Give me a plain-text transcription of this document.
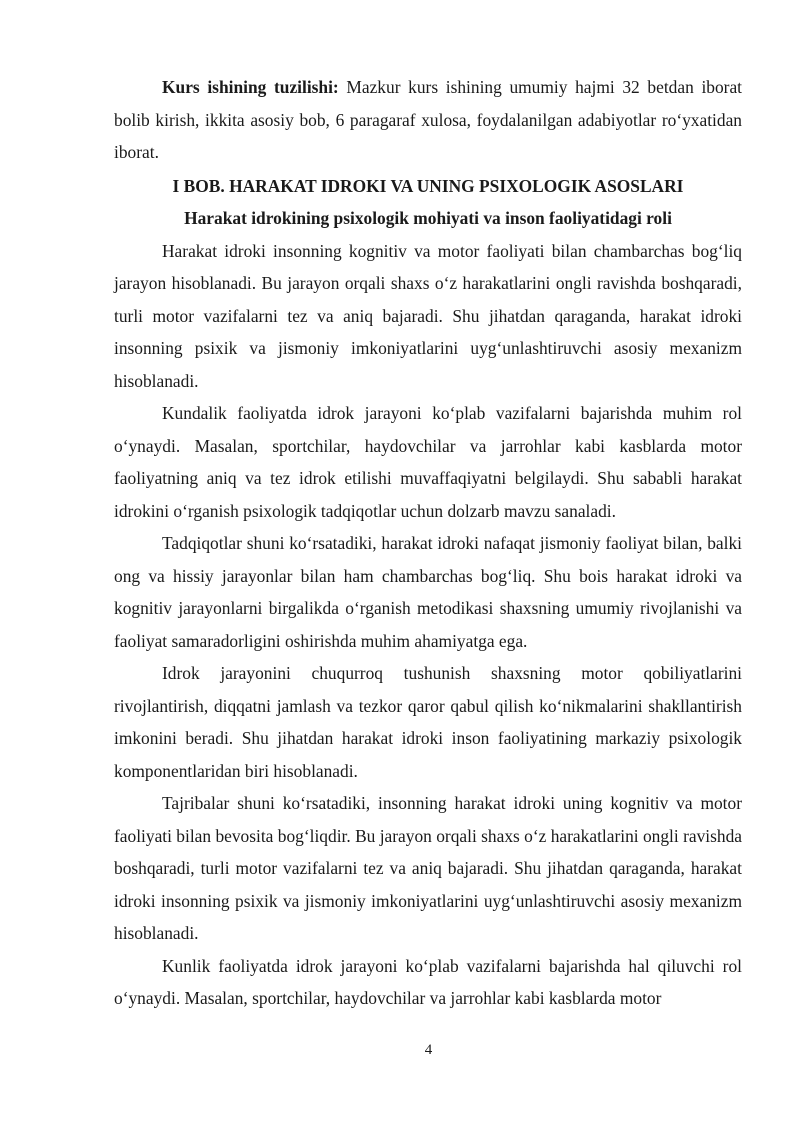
Kurs ishining tuzilishi: Mazkur kurs ishining umumiy hajmi 32 betdan iborat bolib kirish, ikkita asosiy bob, 6 paragaraf xulosa, foydalanilgan adabiyotlar ro‘yxatidan iborat.

I BOB. HARAKAT IDROKI VA UNING PSIXOLOGIK ASOSLARI
Harakat idrokining psixologik mohiyati va inson faoliyatidagi roli

Harakat idroki insonning kognitiv va motor faoliyati bilan chambarchas bog‘liq jarayon hisoblanadi. Bu jarayon orqali shaxs o‘z harakatlarini ongli ravishda boshqaradi, turli motor vazifalarni tez va aniq bajaradi. Shu jihatdan qaraganda, harakat idroki insonning psixik va jismoniy imkoniyatlarini uyg‘unlashtiruvchi asosiy mexanizm hisoblanadi.

Kundalik faoliyatda idrok jarayoni ko‘plab vazifalarni bajarishda muhim rol o‘ynaydi. Masalan, sportchilar, haydovchilar va jarrohlar kabi kasblarda motor faoliyatning aniq va tez idrok etilishi muvaffaqiyatni belgilaydi. Shu sababli harakat idrokini o‘rganish psixologik tadqiqotlar uchun dolzarb mavzu sanaladi.

Tadqiqotlar shuni ko‘rsatadiki, harakat idroki nafaqat jismoniy faoliyat bilan, balki ong va hissiy jarayonlar bilan ham chambarchas bog‘liq. Shu bois harakat idroki va kognitiv jarayonlarni birgalikda o‘rganish metodikasi shaxsning umumiy rivojlanishi va faoliyat samaradorligini oshirishda muhim ahamiyatga ega.

Idrok jarayonini chuqurroq tushunish shaxsning motor qobiliyatlarini rivojlantirish, diqqatni jamlash va tezkor qaror qabul qilish ko‘nikmalarini shakllantirish imkonini beradi. Shu jihatdan harakat idroki inson faoliyatining markaziy psixologik komponentlaridan biri hisoblanadi.

Tajribalar shuni ko‘rsatadiki, insonning harakat idroki uning kognitiv va motor faoliyati bilan bevosita bog‘liqdir. Bu jarayon orqali shaxs o‘z harakatlarini ongli ravishda boshqaradi, turli motor vazifalarni tez va aniq bajaradi. Shu jihatdan qaraganda, harakat idroki insonning psixik va jismoniy imkoniyatlarini uyg‘unlashtiruvchi asosiy mexanizm hisoblanadi.

Kunlik faoliyatda idrok jarayoni ko‘plab vazifalarni bajarishda hal qiluvchi rol o‘ynaydi. Masalan, sportchilar, haydovchilar va jarrohlar kabi kasblarda motor

4
